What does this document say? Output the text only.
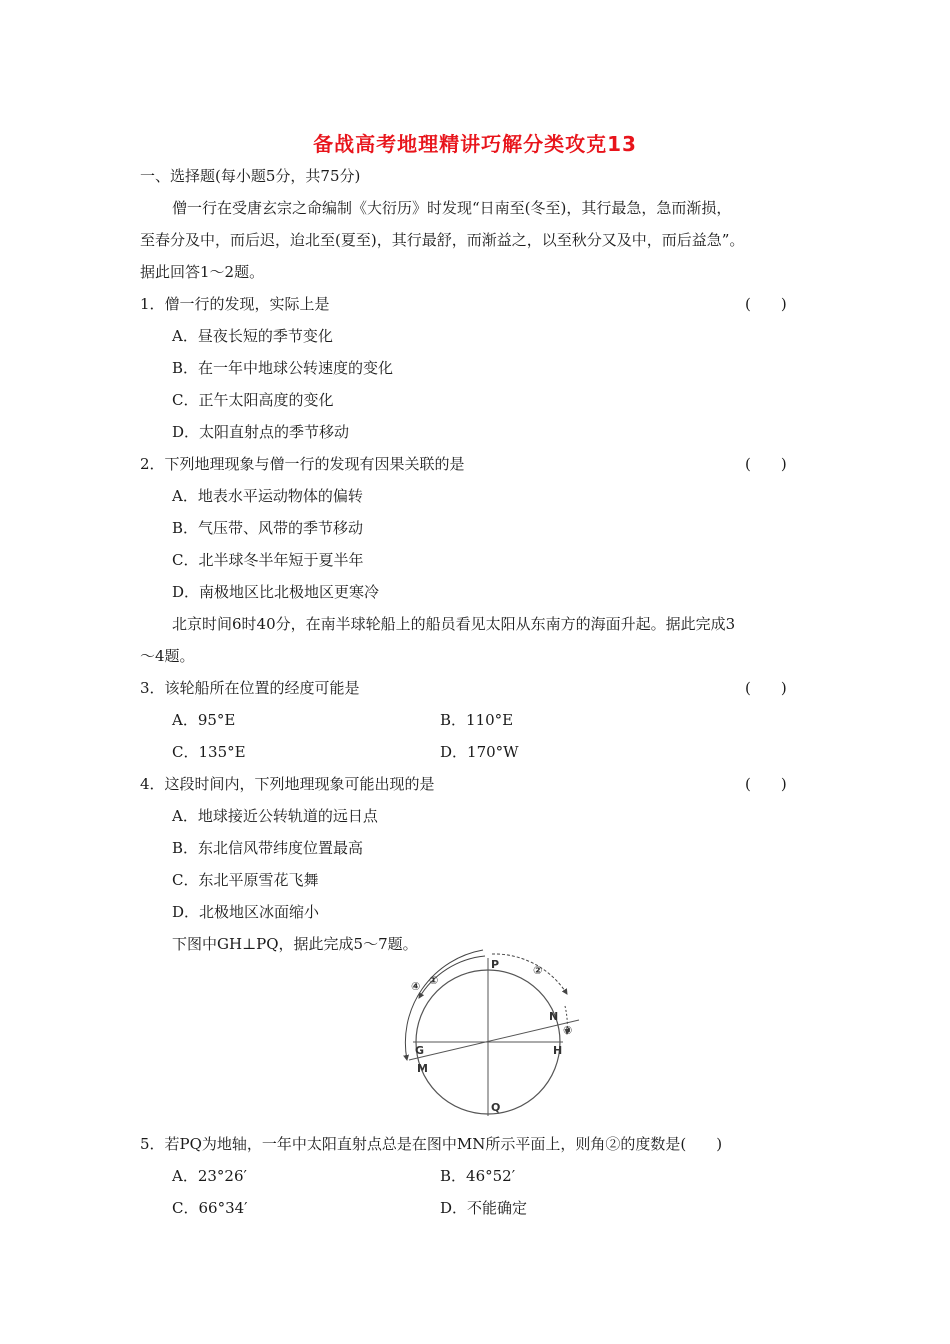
备战高考地理精讲巧解分类攻克13
一、选择题(每小题5分，共75分)
僧一行在受唐玄宗之命编制《大衍历》时发现“日南至(冬至)，其行最急，急而渐损，
至春分及中，而后迟，迨北至(夏至)，其行最舒，而渐益之，以至秋分又及中，而后益急”。
据此回答1～2题。
1．僧一行的发现，实际上是	(　　)
A．昼夜长短的季节变化
B．在一年中地球公转速度的变化
C．正午太阳高度的变化
D．太阳直射点的季节移动
2．下列地理现象与僧一行的发现有因果关联的是	(　　)
A．地表水平运动物体的偏转
B．气压带、风带的季节移动
C．北半球冬半年短于夏半年
D．南极地区比北极地区更寒冷
北京时间6时40分，在南半球轮船上的船员看见太阳从东南方的海面升起。据此完成3
～4题。
3．该轮船所在位置的经度可能是	(　　)
A．95°E	B．110°E
C．135°E	D．170°W
4．这段时间内，下列地理现象可能出现的是	(　　)
A．地球接近公转轨道的远日点
B．东北信风带纬度位置最高
C．东北平原雪花飞舞
D．北极地区冰面缩小
下图中GH⊥PQ，据此完成5～7题。
P
Q
G	H
M
N
①
②
③
④
5．若PQ为地轴，一年中太阳直射点总是在图中MN所示平面上，则角②的度数是(　　)
A．23°26′	B．46°52′
C．66°34′	D．不能确定
